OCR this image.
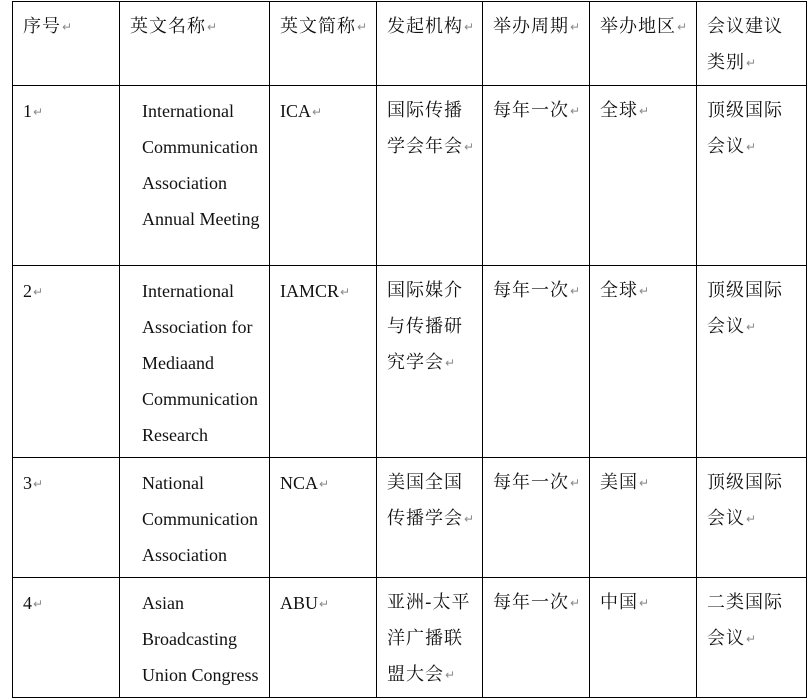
序号↵	英文名称↵	英文简称↵	发起机构↵	举办周期↵	举办地区↵	会议建议类别↵
1↵	International Communication Association Annual Meeting	ICA↵	国际传播学会年会↵	每年一次↵	全球↵	顶级国际会议↵
2↵	International Association for Mediaand Communication Research	IAMCR↵	国际媒介与传播研究学会↵	每年一次↵	全球↵	顶级国际会议↵
3↵	National Communication Association	NCA↵	美国全国传播学会↵	每年一次↵	美国↵	顶级国际会议↵
4↵	Asian Broadcasting Union Congress	ABU↵	亚洲-太平洋广播联盟大会↵	每年一次↵	中国↵	二类国际会议↵
